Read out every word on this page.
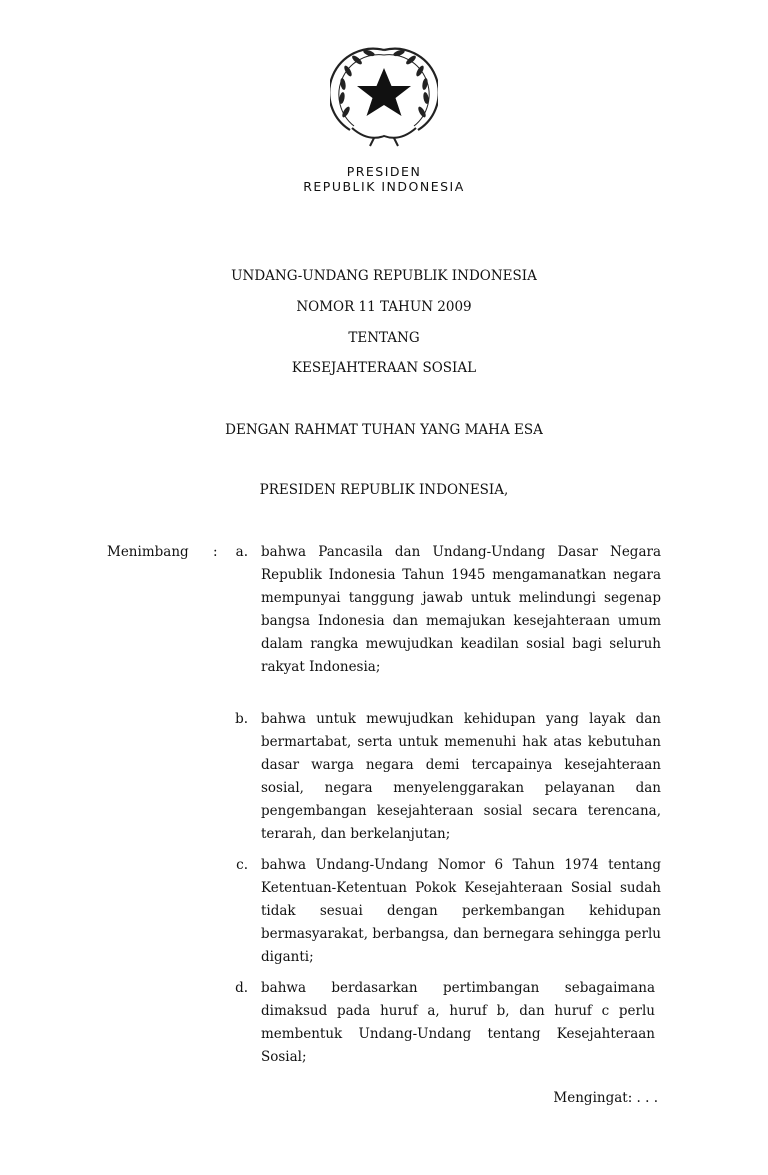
PRESIDEN
REPUBLIK INDONESIA
UNDANG-UNDANG REPUBLIK INDONESIA
NOMOR 11 TAHUN 2009
TENTANG
KESEJAHTERAAN SOSIAL
DENGAN RAHMAT TUHAN YANG MAHA ESA
PRESIDEN REPUBLIK INDONESIA,
Menimbang :	a. bahwa Pancasila dan Undang-Undang Dasar Negara Republik Indonesia Tahun 1945 mengamanatkan negara mempunyai tanggung jawab untuk melindungi segenap bangsa Indonesia dan memajukan kesejahteraan umum dalam rangka mewujudkan keadilan sosial bagi seluruh rakyat Indonesia;
b. bahwa untuk mewujudkan kehidupan yang layak dan bermartabat, serta untuk memenuhi hak atas kebutuhan dasar warga negara demi tercapainya kesejahteraan sosial, negara menyelenggarakan pelayanan dan pengembangan kesejahteraan sosial secara terencana, terarah, dan berkelanjutan;
c. bahwa Undang-Undang Nomor 6 Tahun 1974 tentang Ketentuan-Ketentuan Pokok Kesejahteraan Sosial sudah tidak sesuai dengan perkembangan kehidupan bermasyarakat, berbangsa, dan bernegara sehingga perlu diganti;
d. bahwa berdasarkan pertimbangan sebagaimana dimaksud pada huruf a, huruf b, dan huruf c perlu membentuk Undang-Undang tentang Kesejahteraan Sosial;
Mengingat: . . .
